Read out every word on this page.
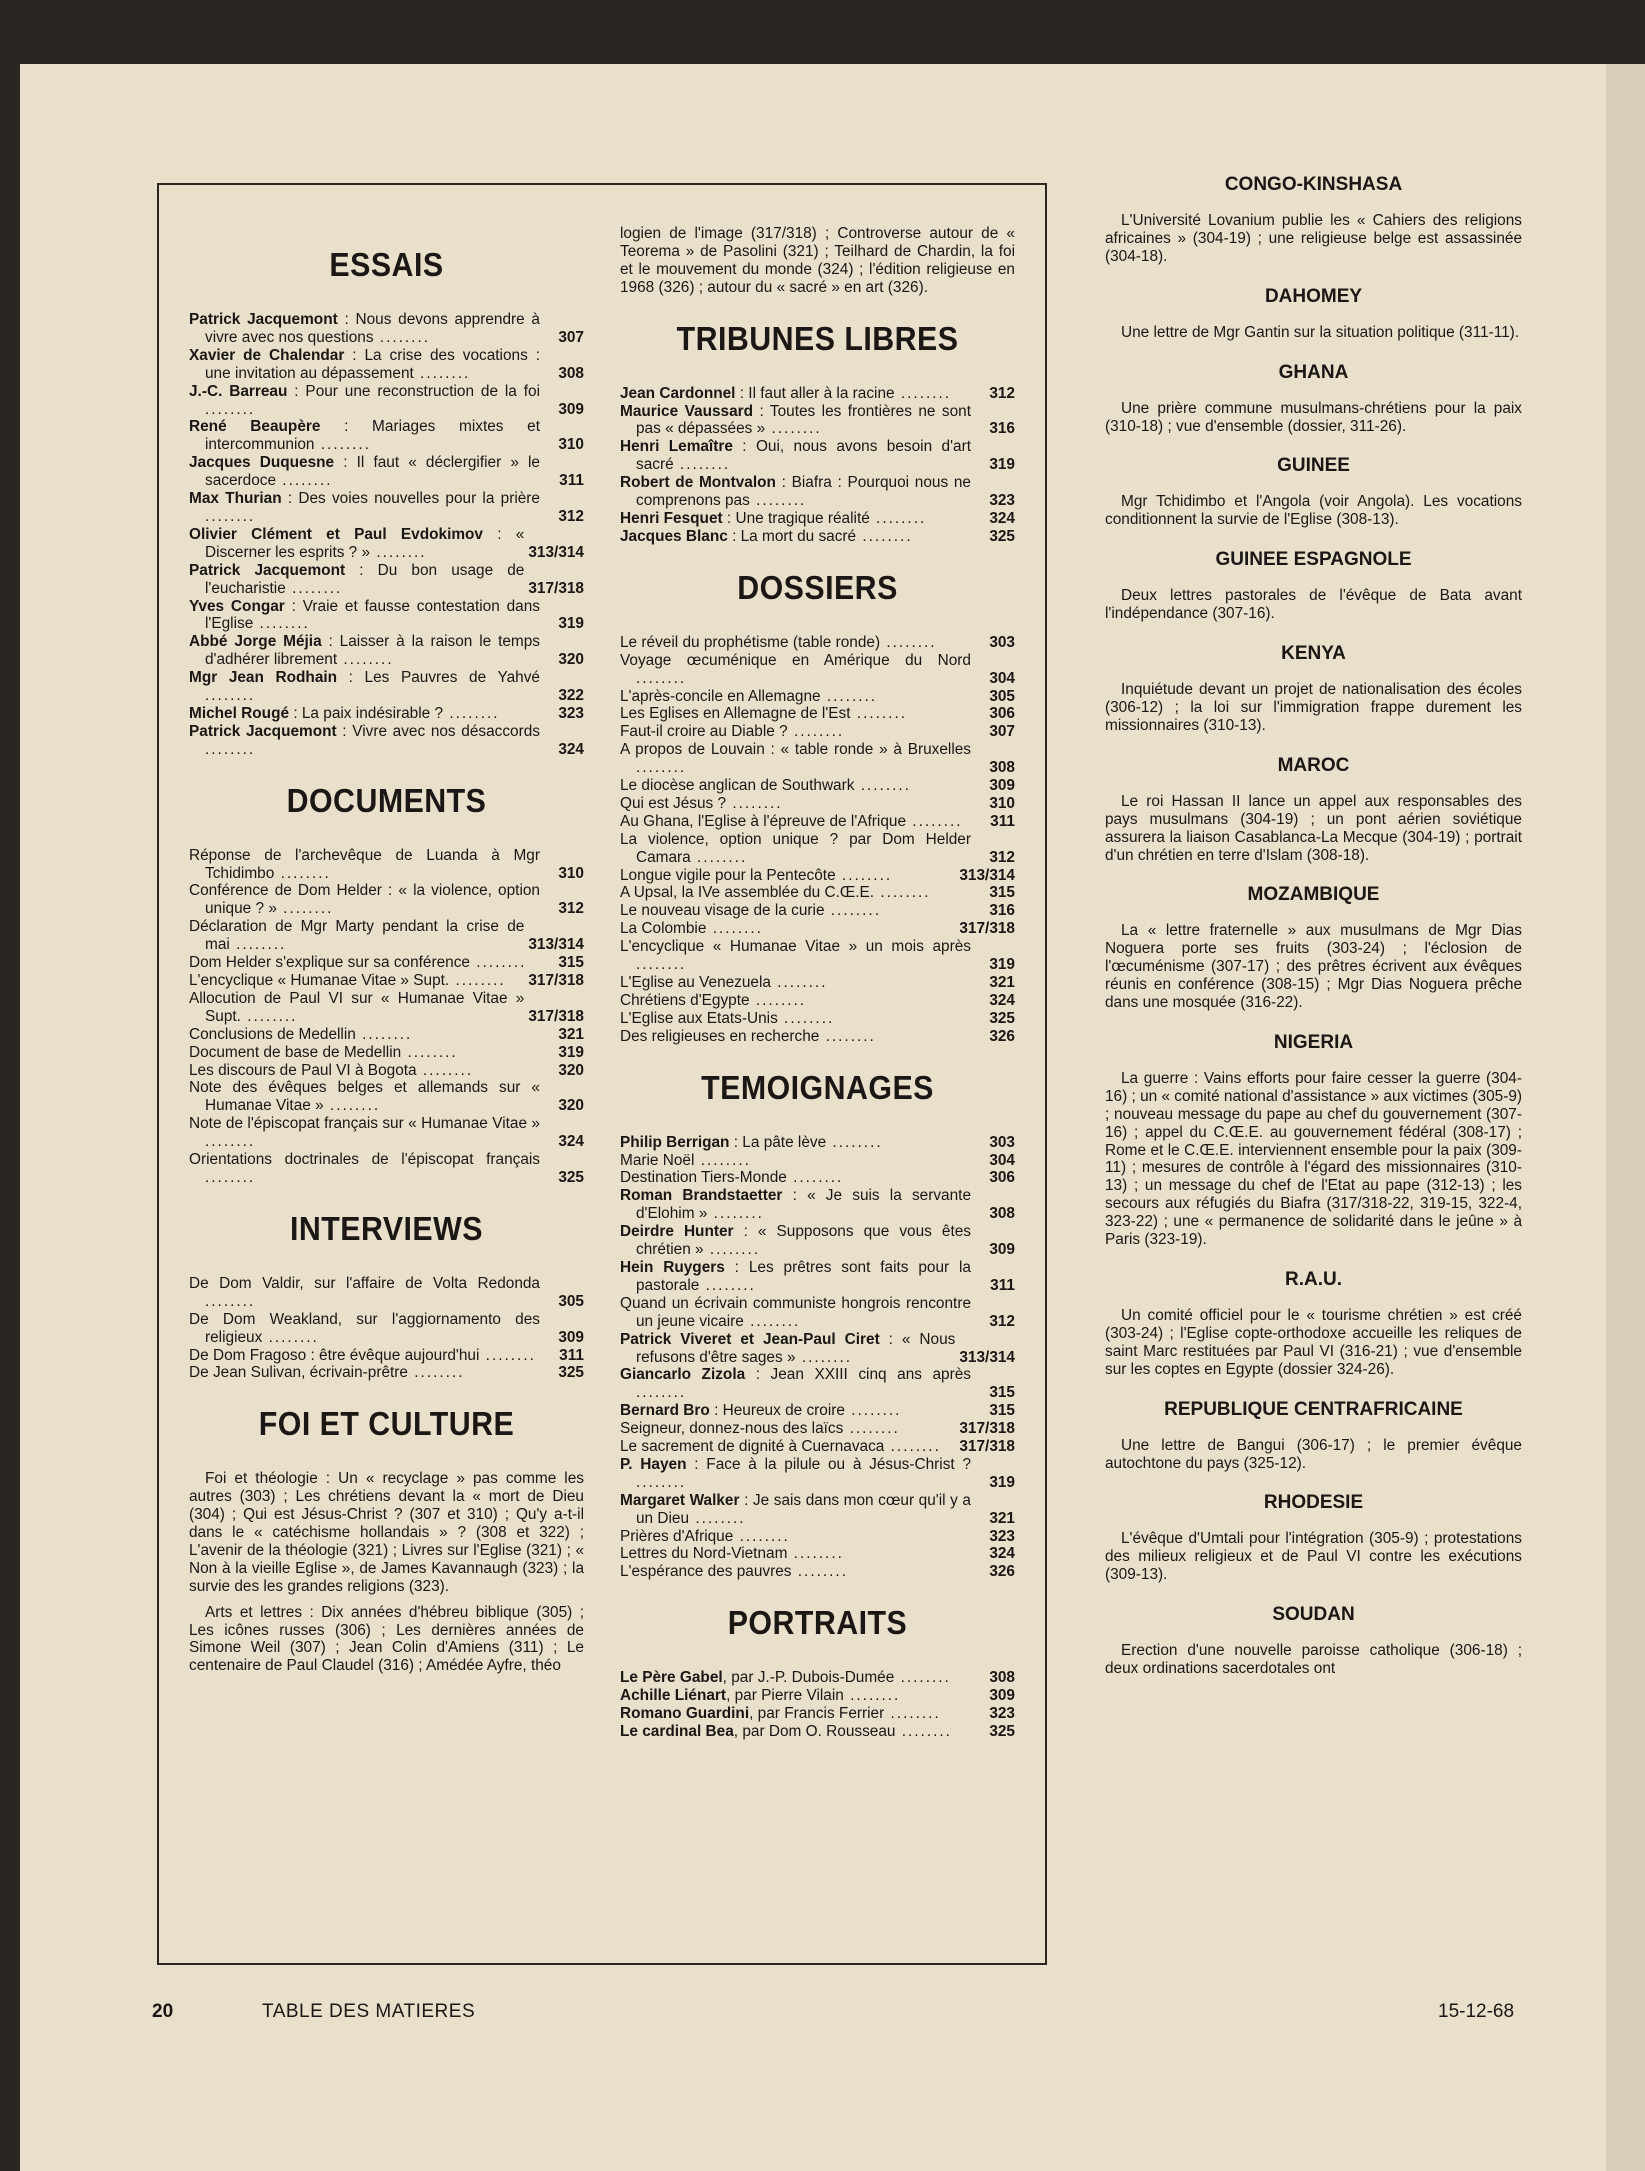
ESSAIS
Patrick Jacquemont : Nous devons apprendre à vivre avec nos questions ........	307
Xavier de Chalendar : La crise des vocations : une invitation au dépassement ........	308
J.-C. Barreau : Pour une reconstruction de la foi ........	309
René Beaupère : Mariages mixtes et intercommunion ........	310
Jacques Duquesne : Il faut « déclergifier » le sacerdoce ........	311
Max Thurian : Des voies nouvelles pour la prière ........	312
Olivier Clément et Paul Evdokimov : « Discerner les esprits ? » ........	313/314
Patrick Jacquemont : Du bon usage de l'eucharistie ........	317/318
Yves Congar : Vraie et fausse contestation dans l'Eglise ........	319
Abbé Jorge Méjia : Laisser à la raison le temps d'adhérer librement ........	320
Mgr Jean Rodhain : Les Pauvres de Yahvé ........	322
Michel Rougé : La paix indésirable ? ........	323
Patrick Jacquemont : Vivre avec nos désaccords ........	324
DOCUMENTS
Réponse de l'archevêque de Luanda à Mgr Tchidimbo ........	310
Conférence de Dom Helder : « la violence, option unique ? » ........	312
Déclaration de Mgr Marty pendant la crise de mai ........	313/314
Dom Helder s'explique sur sa conférence ........	315
L'encyclique « Humanae Vitae » Supt. ........	317/318
Allocution de Paul VI sur « Humanae Vitae » Supt. ........	317/318
Conclusions de Medellin ........	321
Document de base de Medellin ........	319
Les discours de Paul VI à Bogota ........	320
Note des évêques belges et allemands sur « Humanae Vitae » ........	320
Note de l'épiscopat français sur « Humanae Vitae » ........	324
Orientations doctrinales de l'épiscopat français ........	325
INTERVIEWS
De Dom Valdir, sur l'affaire de Volta Redonda ........	305
De Dom Weakland, sur l'aggiornamento des religieux ........	309
De Dom Fragoso : être évêque aujourd'hui ........	311
De Jean Sulivan, écrivain-prêtre ........	325
FOI ET CULTURE

Foi et théologie : Un « recyclage » pas comme les autres (303) ; Les chrétiens devant la « mort de Dieu (304) ; Qui est Jésus-Christ ? (307 et 310) ; Qu'y a-t-il dans le « catéchisme hollandais » ? (308 et 322) ; L'avenir de la théologie (321) ; Livres sur l'Eglise (321) ; « Non à la vieille Eglise », de James Kavannaugh (323) ; la survie des les grandes religions (323).

Arts et lettres : Dix années d'hébreu biblique (305) ; Les icônes russes (306) ; Les dernières années de Simone Weil (307) ; Jean Colin d'Amiens (311) ; Le centenaire de Paul Claudel (316) ; Amédée Ayfre, théo

logien de l'image (317/318) ; Controverse autour de « Teorema » de Pasolini (321) ; Teilhard de Chardin, la foi et le mouvement du monde (324) ; l'édition religieuse en 1968 (326) ; autour du « sacré » en art (326).

TRIBUNES LIBRES
Jean Cardonnel : Il faut aller à la racine ........	312
Maurice Vaussard : Toutes les frontières ne sont pas « dépassées » ........	316
Henri Lemaître : Oui, nous avons besoin d'art sacré ........	319
Robert de Montvalon : Biafra : Pourquoi nous ne comprenons pas ........	323
Henri Fesquet : Une tragique réalité ........	324
Jacques Blanc : La mort du sacré ........	325
DOSSIERS
Le réveil du prophétisme (table ronde) ........	303
Voyage œcuménique en Amérique du Nord ........	304
L'après-concile en Allemagne ........	305
Les Eglises en Allemagne de l'Est ........	306
Faut-il croire au Diable ? ........	307
A propos de Louvain : « table ronde » à Bruxelles ........	308
Le diocèse anglican de Southwark ........	309
Qui est Jésus ? ........	310
Au Ghana, l'Eglise à l'épreuve de l'Afrique ........	311
La violence, option unique ? par Dom Helder Camara ........	312
Longue vigile pour la Pentecôte ........	313/314
A Upsal, la IVe assemblée du C.Œ.E. ........	315
Le nouveau visage de la curie ........	316
La Colombie ........	317/318
L'encyclique « Humanae Vitae » un mois après ........	319
L'Eglise au Venezuela ........	321
Chrétiens d'Egypte ........	324
L'Eglise aux Etats-Unis ........	325
Des religieuses en recherche ........	326
TEMOIGNAGES
Philip Berrigan : La pâte lève ........	303
Marie Noël ........	304
Destination Tiers-Monde ........	306
Roman Brandstaetter : « Je suis la servante d'Elohim » ........	308
Deirdre Hunter : « Supposons que vous êtes chrétien » ........	309
Hein Ruygers : Les prêtres sont faits pour la pastorale ........	311
Quand un écrivain communiste hongrois rencontre un jeune vicaire ........	312
Patrick Viveret et Jean-Paul Ciret : « Nous refusons d'être sages » ........	313/314
Giancarlo Zizola : Jean XXIII cinq ans après ........	315
Bernard Bro : Heureux de croire ........	315
Seigneur, donnez-nous des laïcs ........	317/318
Le sacrement de dignité à Cuernavaca ........	317/318
P. Hayen : Face à la pilule ou à Jésus-Christ ? ........	319
Margaret Walker : Je sais dans mon cœur qu'il y a un Dieu ........	321
Prières d'Afrique ........	323
Lettres du Nord-Vietnam ........	324
L'espérance des pauvres ........	326
PORTRAITS
Le Père Gabel, par J.-P. Dubois-Dumée ........	308
Achille Liénart, par Pierre Vilain ........	309
Romano Guardini, par Francis Ferrier ........	323
Le cardinal Bea, par Dom O. Rousseau ........	325
CONGO-KINSHASA
L'Université Lovanium publie les « Cahiers des religions africaines » (304-19) ; une religieuse belge est assassinée (304-18).
DAHOMEY
Une lettre de Mgr Gantin sur la situation politique (311-11).
GHANA
Une prière commune musulmans-chrétiens pour la paix (310-18) ; vue d'ensemble (dossier, 311-26).
GUINEE
Mgr Tchidimbo et l'Angola (voir Angola). Les vocations conditionnent la survie de l'Eglise (308-13).
GUINEE ESPAGNOLE
Deux lettres pastorales de l'évêque de Bata avant l'indépendance (307-16).
KENYA
Inquiétude devant un projet de nationalisation des écoles (306-12) ; la loi sur l'immigration frappe durement les missionnaires (310-13).
MAROC
Le roi Hassan II lance un appel aux responsables des pays musulmans (304-19) ; un pont aérien soviétique assurera la liaison Casablanca-La Mecque (304-19) ; portrait d'un chrétien en terre d'Islam (308-18).
MOZAMBIQUE
La « lettre fraternelle » aux musulmans de Mgr Dias Noguera porte ses fruits (303-24) ; l'éclosion de l'œcuménisme (307-17) ; des prêtres écrivent aux évêques réunis en conférence (308-15) ; Mgr Dias Noguera prêche dans une mosquée (316-22).
NIGERIA
La guerre : Vains efforts pour faire cesser la guerre (304-16) ; un « comité national d'assistance » aux victimes (305-9) ; nouveau message du pape au chef du gouvernement (307-16) ; appel du C.Œ.E. au gouvernement fédéral (308-17) ; Rome et le C.Œ.E. interviennent ensemble pour la paix (309-11) ; mesures de contrôle à l'égard des missionnaires (310-13) ; un message du chef de l'Etat au pape (312-13) ; les secours aux réfugiés du Biafra (317/318-22, 319-15, 322-4, 323-22) ; une « permanence de solidarité dans le jeûne » à Paris (323-19).
R.A.U.
Un comité officiel pour le « tourisme chrétien » est créé (303-24) ; l'Eglise copte-orthodoxe accueille les reliques de saint Marc restituées par Paul VI (316-21) ; vue d'ensemble sur les coptes en Egypte (dossier 324-26).
REPUBLIQUE CENTRAFRICAINE
Une lettre de Bangui (306-17) ; le premier évêque autochtone du pays (325-12).
RHODESIE
L'évêque d'Umtali pour l'intégration (305-9) ; protestations des milieux religieux et de Paul VI contre les exécutions (309-13).
SOUDAN
Erection d'une nouvelle paroisse catholique (306-18) ; deux ordinations sacerdotales ont
20	TABLE DES MATIERES	15-12-68
